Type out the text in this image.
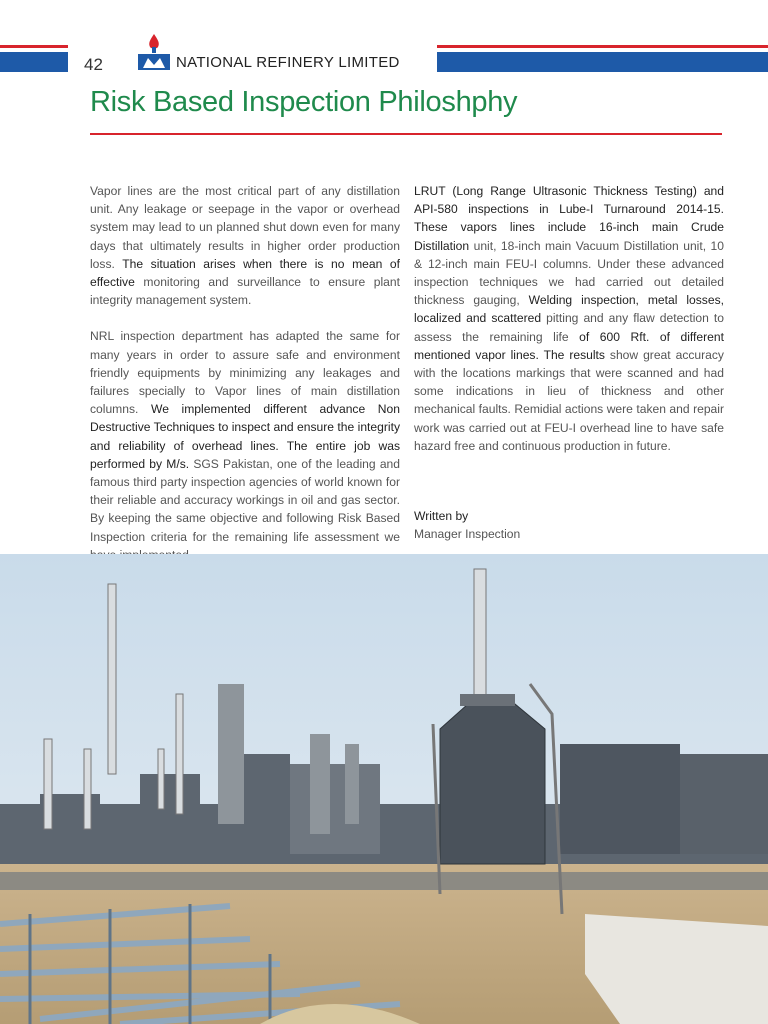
42	NATIONAL REFINERY LIMITED
Risk Based Inspection Philoshphy

Vapor lines are the most critical part of any distillation unit. Any leakage or seepage in the vapor or overhead system may lead to un planned shut down even for many days that ultimately results in higher order production loss. The situation arises when there is no mean of effective monitoring and surveillance to ensure plant integrity management system.

NRL inspection department has adapted the same for many years in order to assure safe and environment friendly equipments by minimizing any leakages and failures specially to Vapor lines of main distillation columns. We implemented different advance Non Destructive Techniques to inspect and ensure the integrity and reliability of overhead lines. The entire job was performed by M/s. SGS Pakistan, one of the leading and famous third party inspection agencies of world known for their reliable and accuracy workings in oil and gas sector. By keeping the same objective and following Risk Based Inspection criteria for the remaining life assessment we

LRUT (Long Range Ultrasonic Thickness Testing) and API-580 inspections in Lube-I Turnaround 2014-15. These vapors lines include 16-inch main Crude Distillation unit, 18-inch main Vacuum Distillation unit, 10 & 12-inch main FEU-I columns. Under these advanced inspection techniques we had carried out detailed thickness gauging, Welding inspection, metal losses, localized and scattered pitting and any flaw detection to assess the remaining life of 600 Rft. of different mentioned vapor lines. The results show great accuracy with the locations markings that were scanned and had some indications in lieu of thickness and other mechanical faults. Remidial actions were taken and repair work was carried out at FEU-I overhead line to have safe hazard free and continuous production in future.

Written by
Manager Inspection
